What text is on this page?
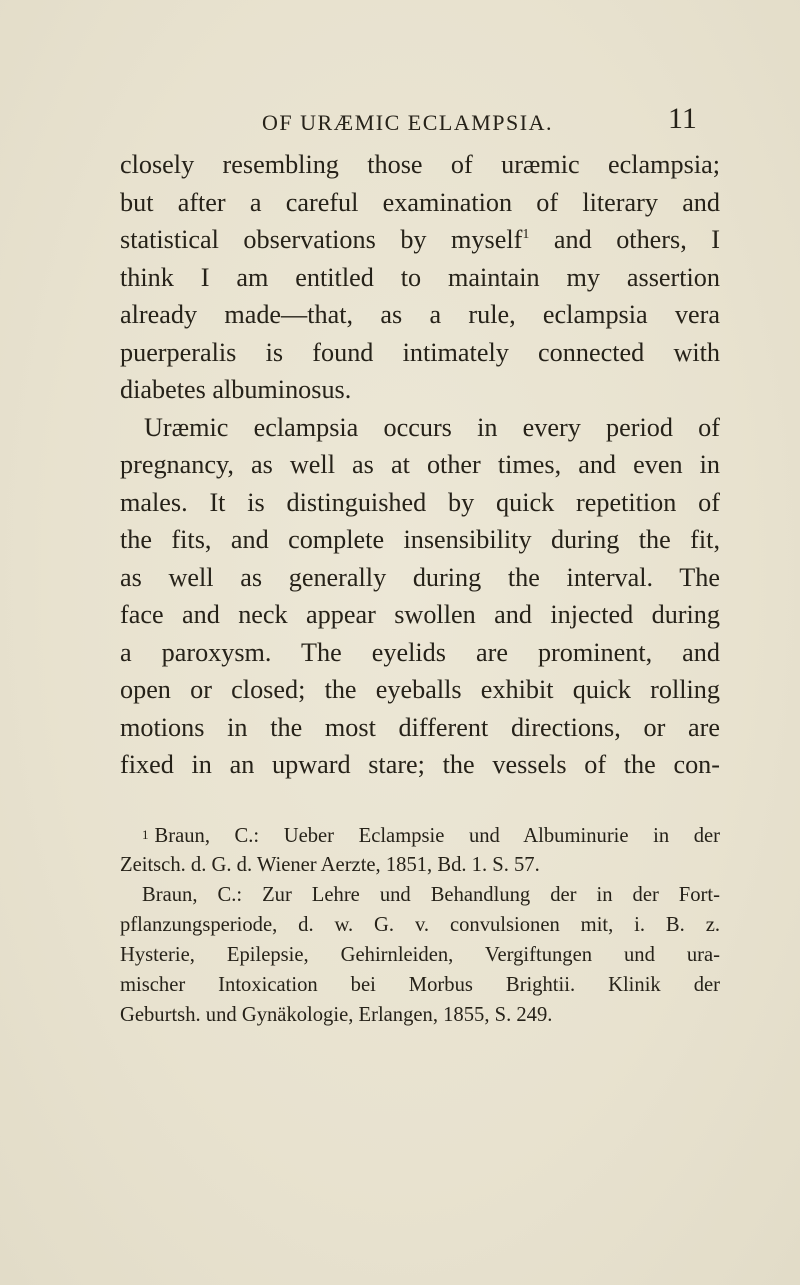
OF URÆMIC ECLAMPSIA.	11
closely resembling those of uræmic eclampsia;
but after a careful examination of literary and
statistical observations by myself$^1$ and others, I
think I am entitled to maintain my assertion
already made—that, as a rule, eclampsia vera
puerperalis is found intimately connected with
diabetes albuminosus.
Uræmic eclampsia occurs in every period of
pregnancy, as well as at other times, and even in
males. It is distinguished by quick repetition of
the fits, and complete insensibility during the fit,
as well as generally during the interval. The
face and neck appear swollen and injected during
a paroxysm. The eyelids are prominent, and
open or closed; the eyeballs exhibit quick rolling
motions in the most different directions, or are
fixed in an upward stare; the vessels of the con-
1 Braun, C.: Ueber Eclampsie und Albuminurie in der
Zeitsch. d. G. d. Wiener Aerzte, 1851, Bd. 1. S. 57.
Braun, C.: Zur Lehre und Behandlung der in der Fort-
pflanzungsperiode, d. w. G. v. convulsionen mit, i. B. z.
Hysterie, Epilepsie, Gehirnleiden, Vergiftungen und ura-
mischer Intoxication bei Morbus Brightii. Klinik der
Geburtsh. und Gynäkologie, Erlangen, 1855, S. 249.
